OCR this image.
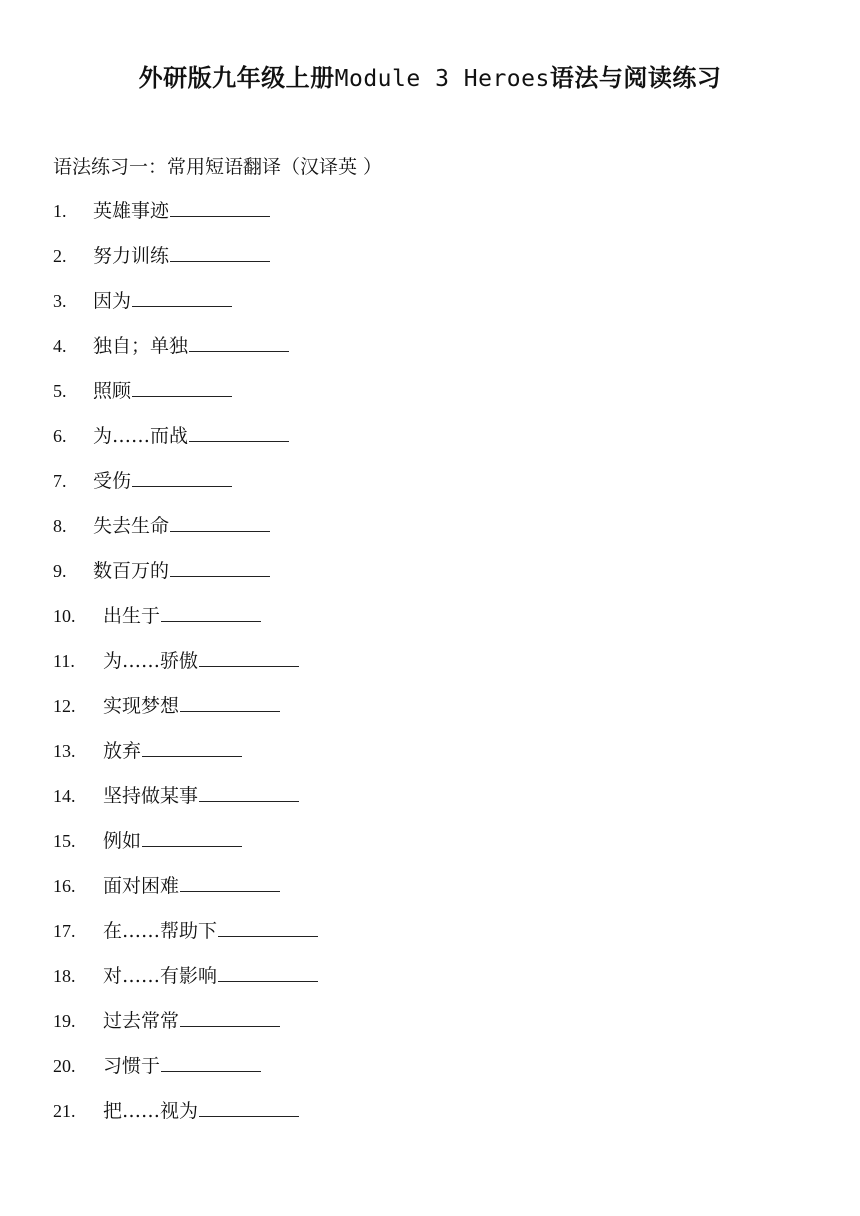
外研版九年级上册Module 3 Heroes语法与阅读练习
语法练习一：常用短语翻译（汉译英 ）
1.	英雄事迹
2.	努力训练
3.	因为
4.	独自；单独
5.	照顾
6.	为……而战
7.	受伤
8.	失去生命
9.	数百万的
10.	出生于
11.	为……骄傲
12.	实现梦想
13.	放弃
14.	坚持做某事
15.	例如
16.	面对困难
17.	在……帮助下
18.	对……有影响
19.	过去常常
20.	习惯于
21.	把……视为
